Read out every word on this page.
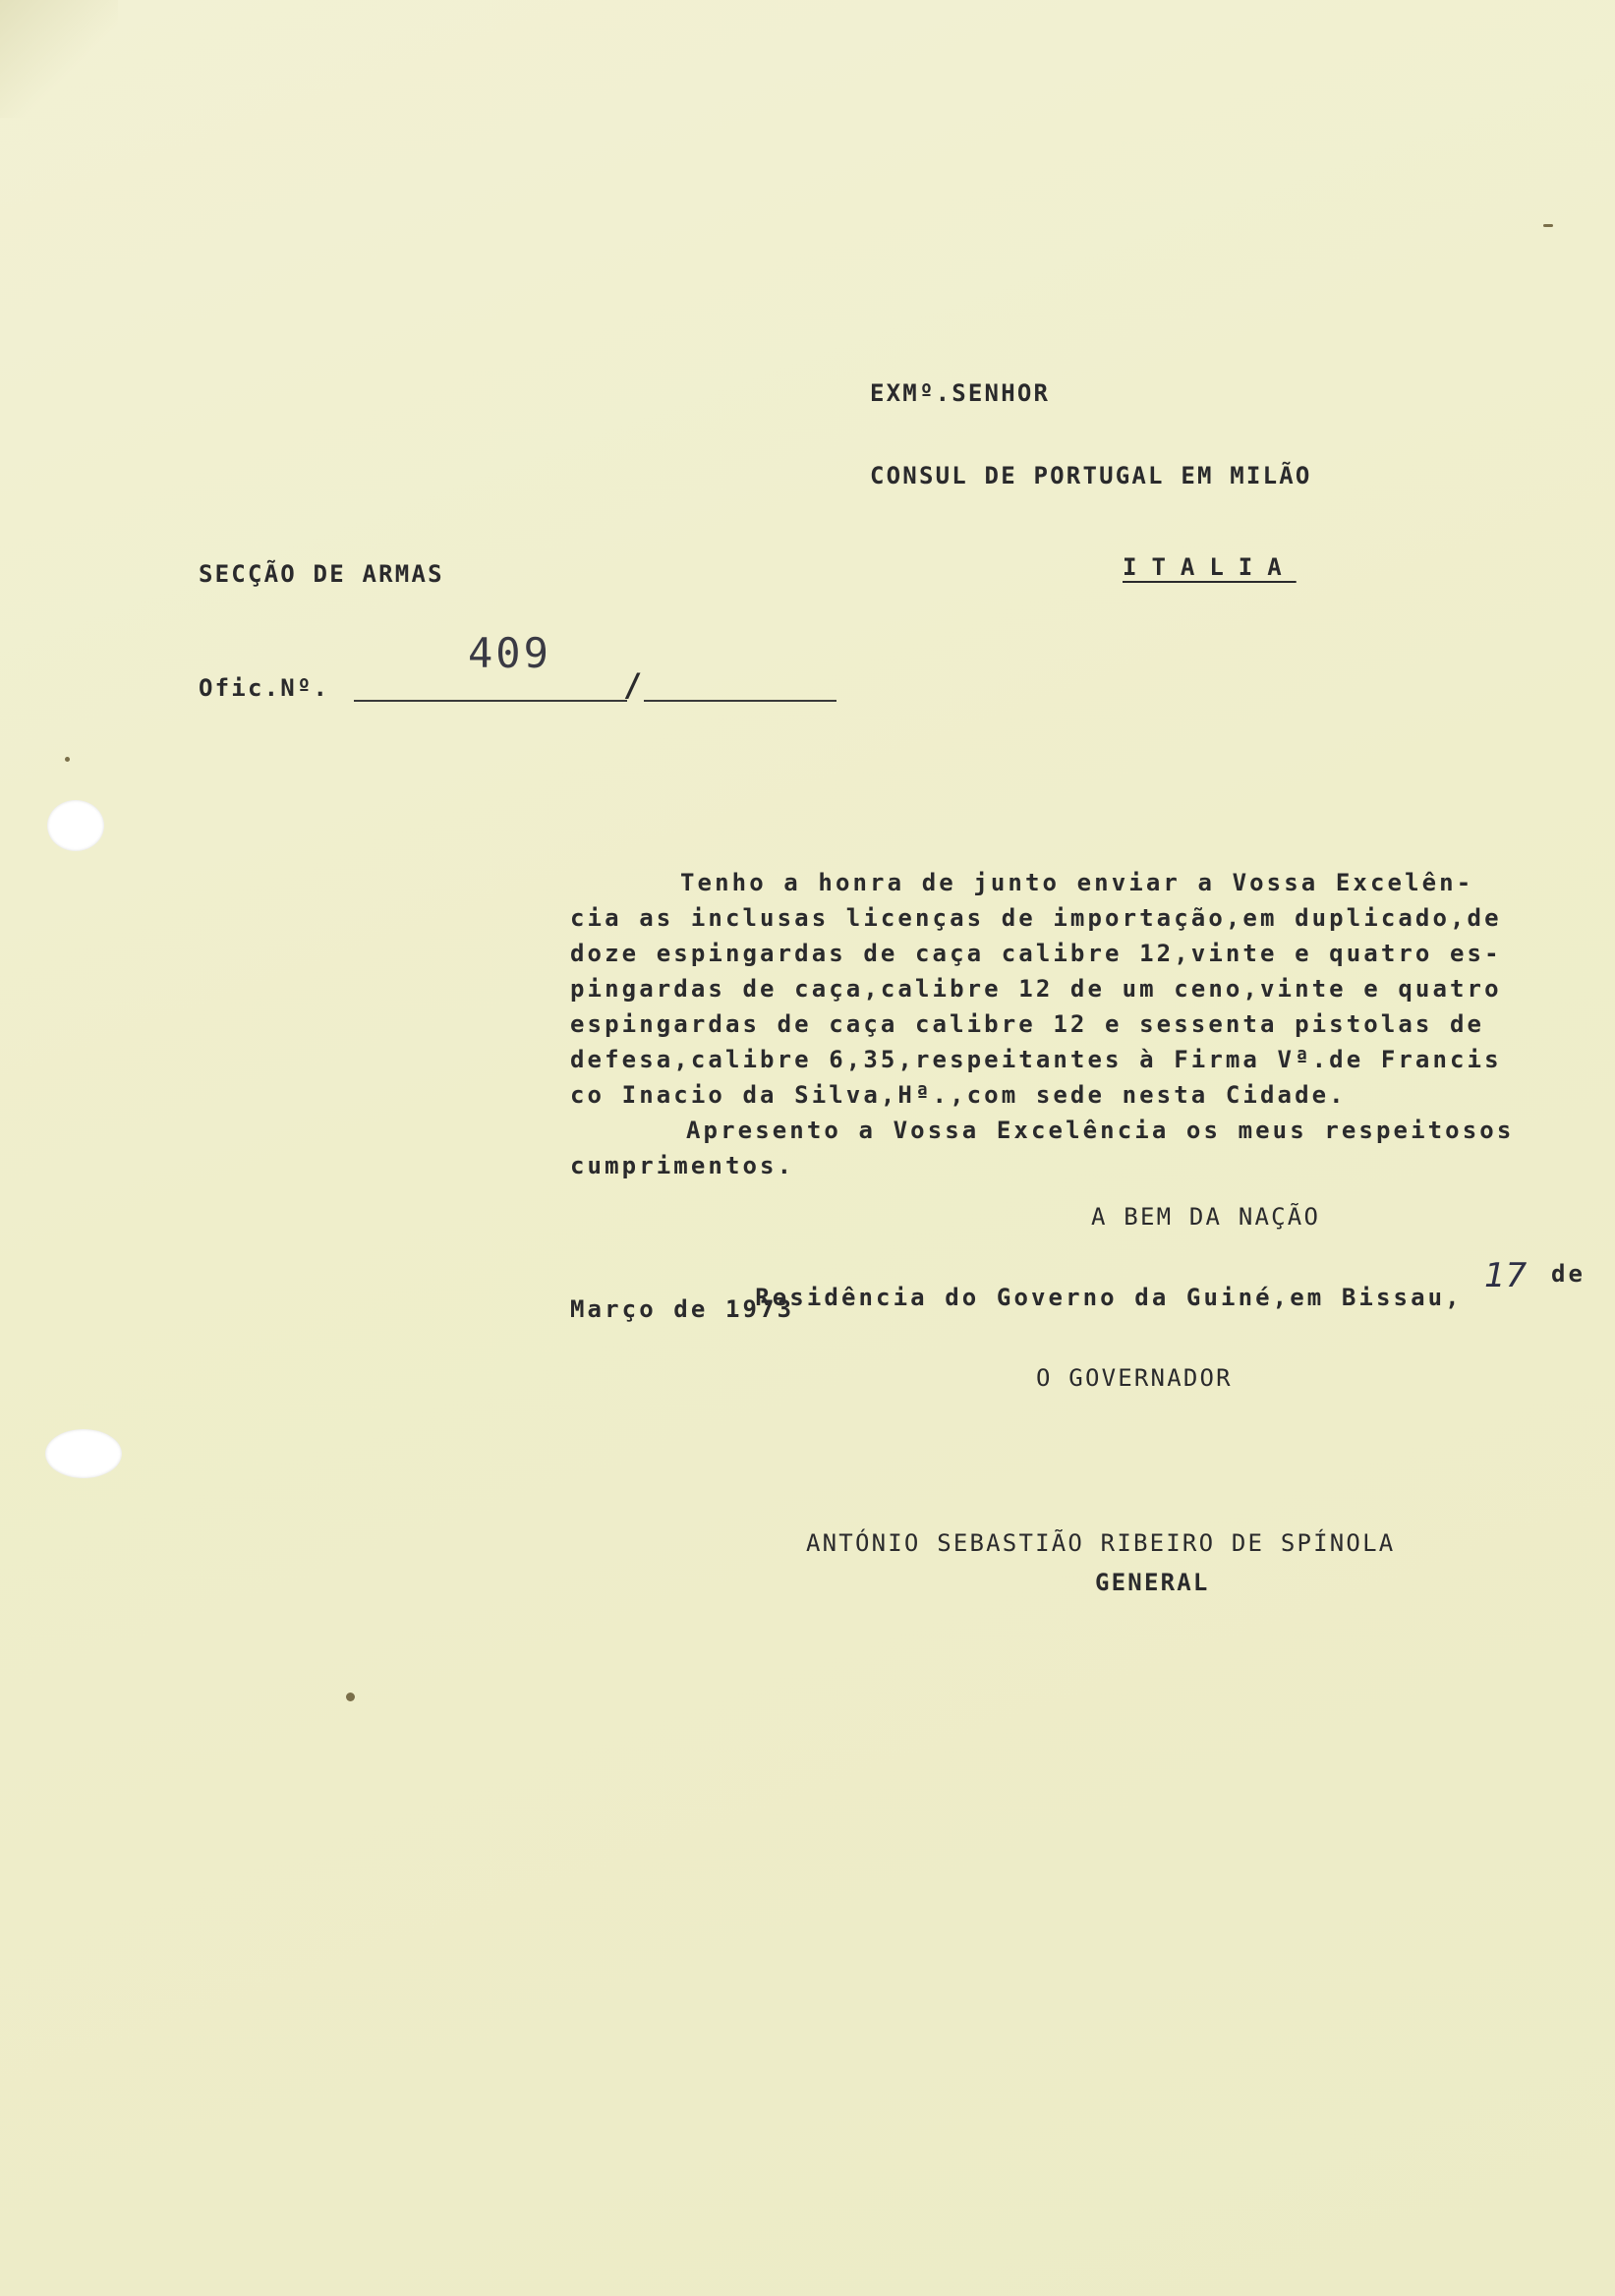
EXMº.SENHOR
CONSUL DE PORTUGAL EM MILÃO
ITALIA
SECÇÃO DE ARMAS
Ofic.Nº.
409
/
Tenho a honra de junto enviar a Vossa Excelên-
cia as inclusas licenças de importação,em duplicado,de
doze espingardas de caça calibre 12,vinte e quatro es-
pingardas de caça,calibre 12 de um ceno,vinte e quatro
espingardas de caça calibre 12 e sessenta pistolas de
defesa,calibre 6,35,respeitantes à Firma Vª.de Francis
co Inacio da Silva,Hª.,com sede nesta Cidade.
Apresento a Vossa Excelência os meus respeitosos
cumprimentos.
A BEM DA NAÇÃO

Residência do Governo da Guiné,em Bissau,

17 de
Março de 1973
O GOVERNADOR
ANTÓNIO SEBASTIÃO RIBEIRO DE SPÍNOLA
GENERAL
